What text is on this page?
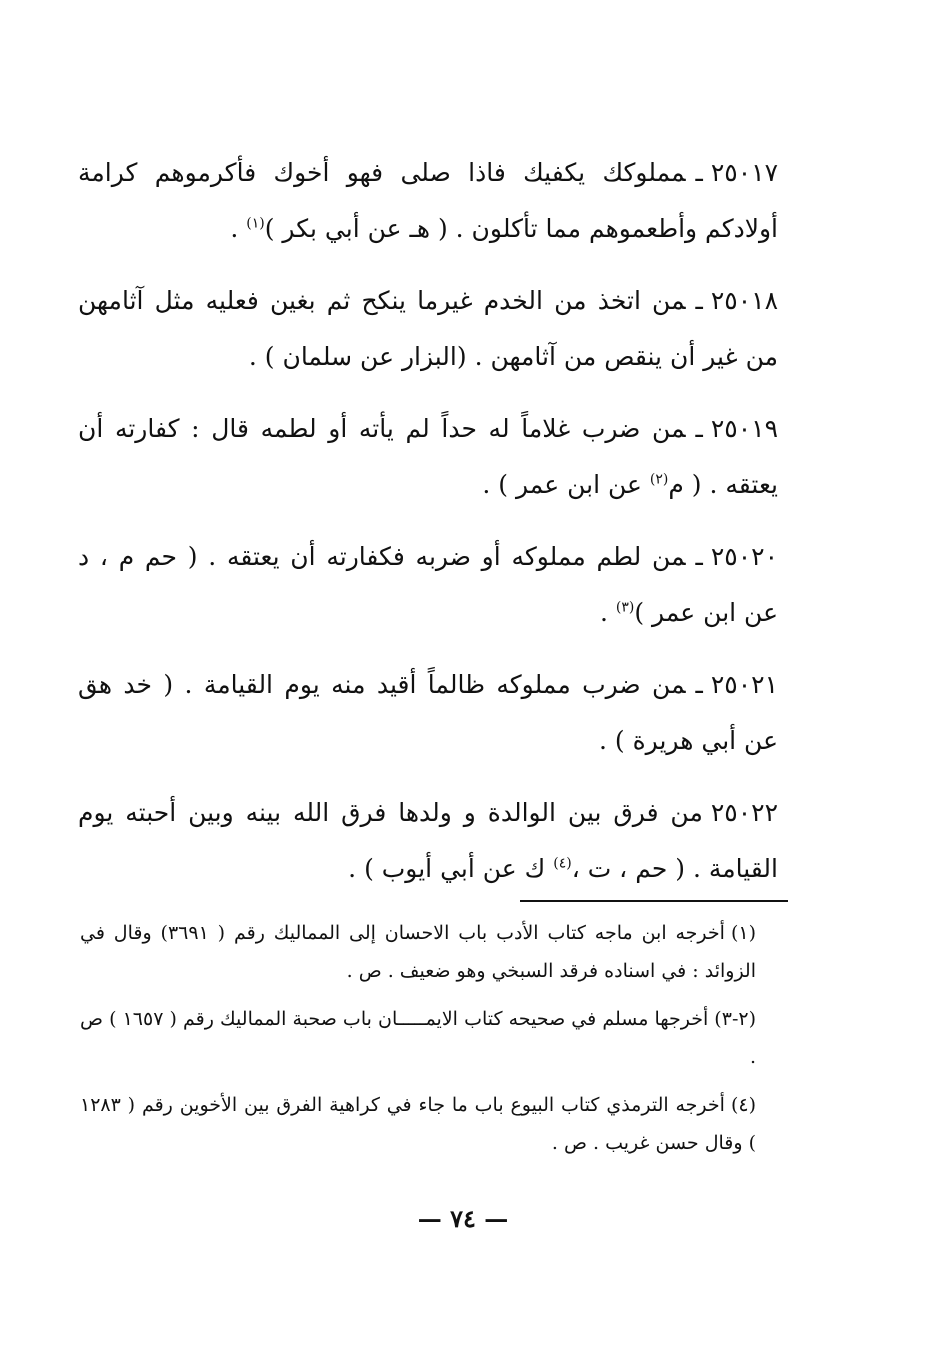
٢٥٠١٧ـمملوكك يكفيك فاذا صلى فهو أخوك فأكرموهم كرامة أولادكم وأطعموهم مما تأكلون . ( هـ عن أبي بكر )$^{(١)}$ .

٢٥٠١٨ـمن اتخذ من الخدم غيرما ينكح ثم بغين فعليه مثل آثامهن من غير أن ينقص من آثامهن . (البزار عن سلمان ) .

٢٥٠١٩ـمن ضرب غلاماً له حداً لم يأته أو لطمه قال : كفارته أن يعتقه . ( م$^{(٢)}$ عن ابن عمر ) .

٢٥٠٢٠ـمن لطم مملوكه أو ضربه فكفارته أن يعتقه . ( حم م ، د عن ابن عمر )$^{(٣)}$ .

٢٥٠٢١ـمن ضرب مملوكه ظالماً أقيد منه يوم القيامة . ( خد هق عن أبي هريرة ) .

٢٥٠٢٢من فرق بين الوالدة و ولدها فرق الله بينه وبين أحبته يوم القيامة . ( حم ، ت ،$^{(٤)}$ ك عن أبي أيوب ) .

(١)أخرجه ابن ماجه كتاب الأدب باب الاحسان إلى المماليك رقم ( ٣٦٩١) وقال في الزوائد : في اسناده فرقد السبخي وهو ضعيف . ص .

(٢-٣)أخرجها مسلم في صحيحه كتاب الايمـــــان باب صحبة المماليك رقم ( ١٦٥٧ ) ص .

(٤)أخرجه الترمذي كتاب البيوع باب ما جاء في كراهية الفرق بين الأخوين رقم ( ١٢٨٣ ) وقال حسن غريب . ص .

— ٧٤ —
